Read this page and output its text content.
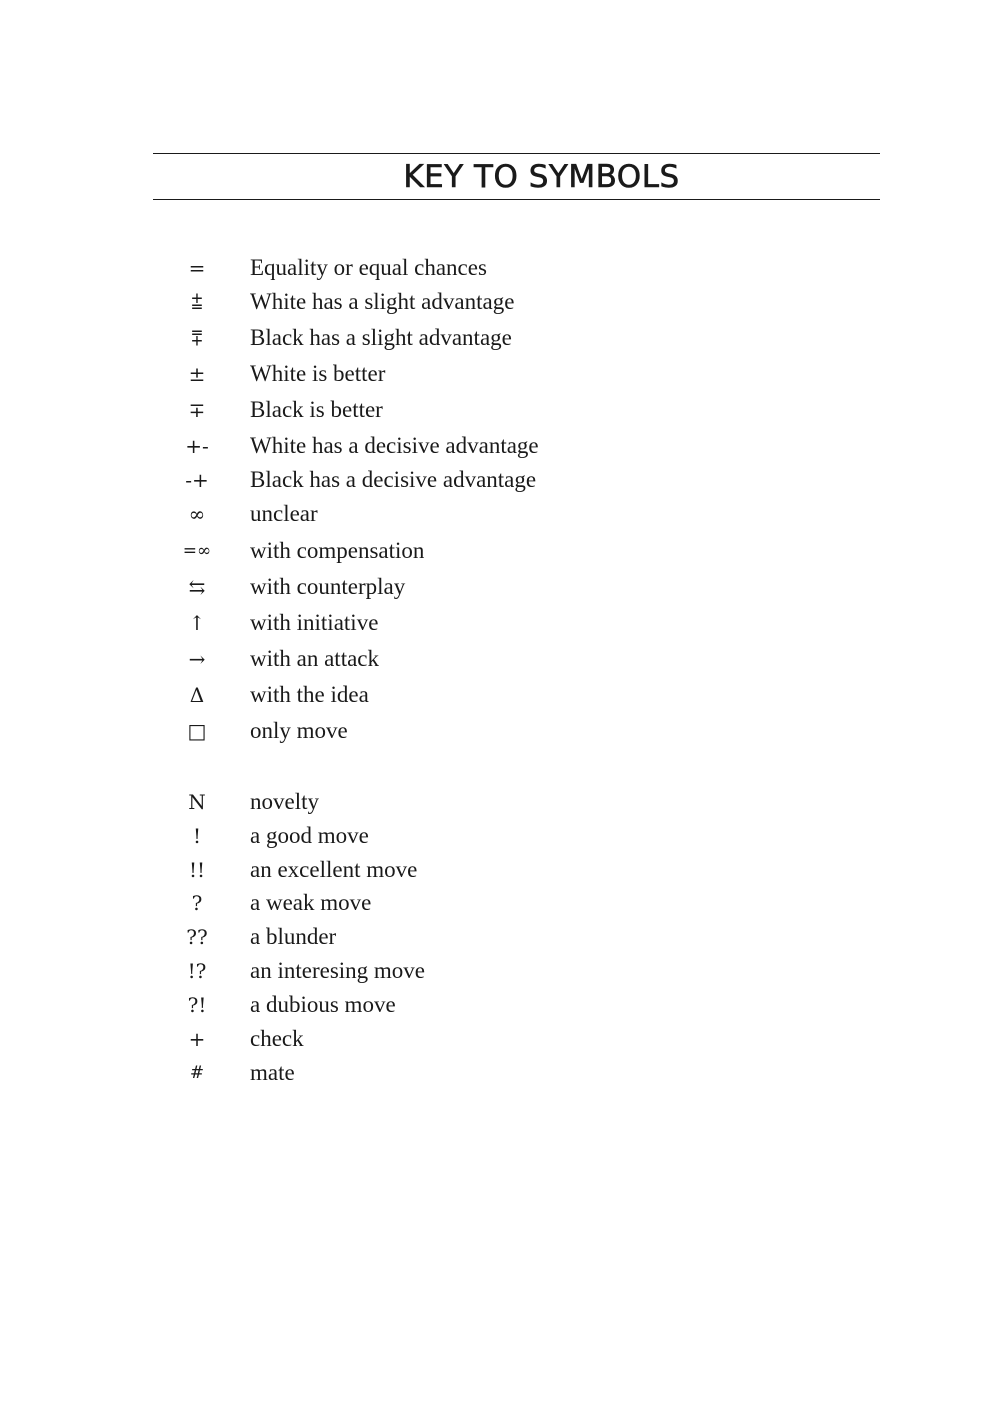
KEY TO SYMBOLS
=	Equality or equal chances
⩲	White has a slight advantage
⩱	Black has a slight advantage
±	White is better
∓	Black is better
+-	White has a decisive advantage
-+	Black has a decisive advantage
∞	unclear
=∞	with compensation
⇆	with counterplay
↑	with initiative
→	with an attack
Δ	with the idea
□	only move
N	novelty
!	a good move
!!	an excellent move
?	a weak move
??	a blunder
!?	an interesing move
?!	a dubious move
+	check
#	mate
